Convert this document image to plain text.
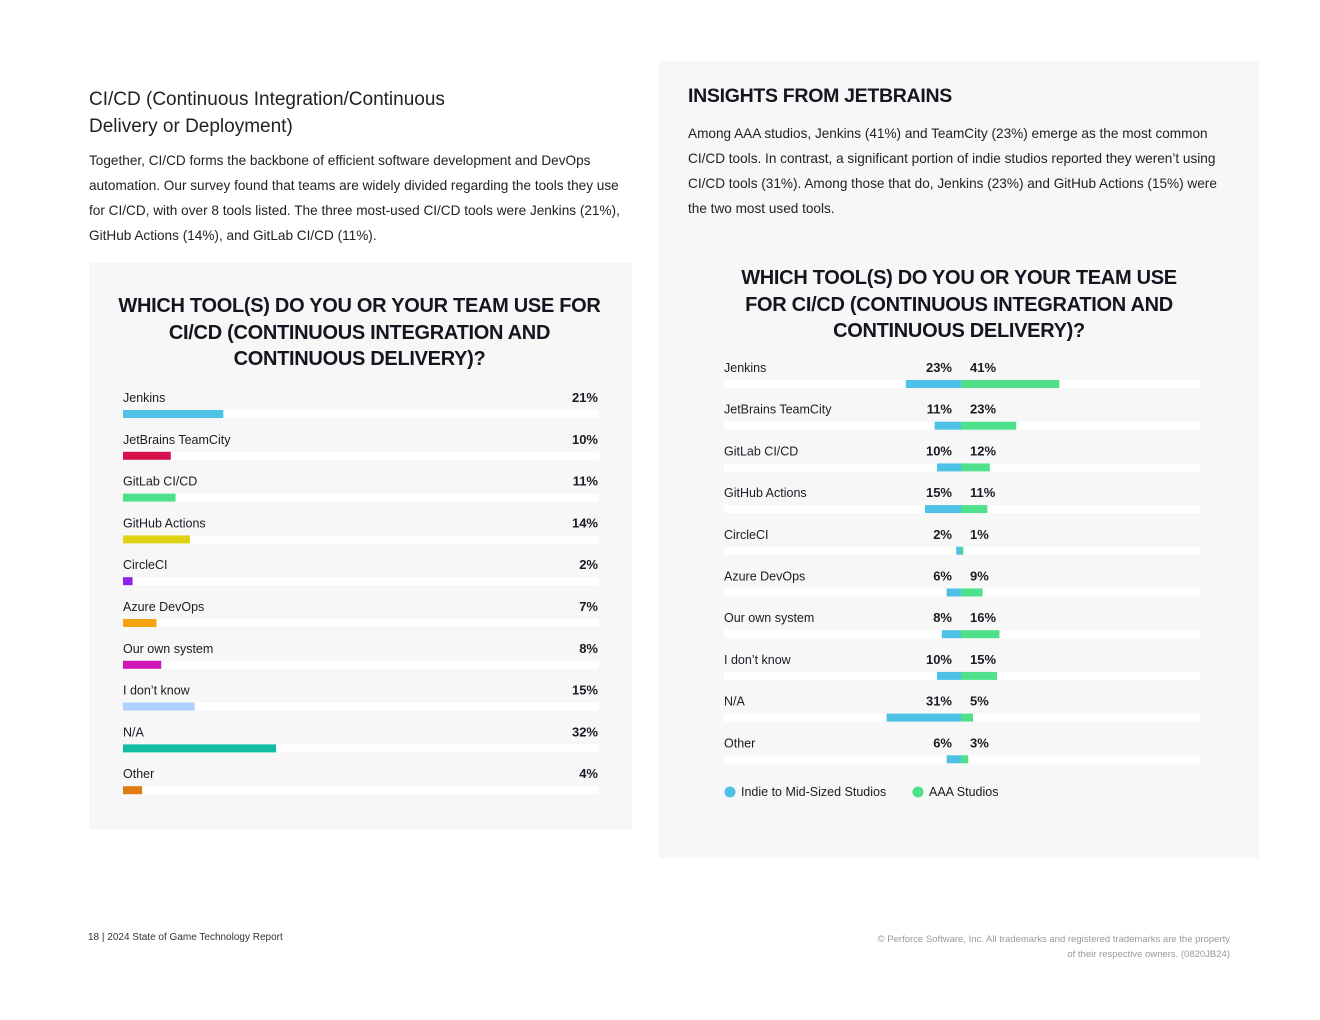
CI/CD (Continuous Integration/Continuous Delivery or Deployment)
Together, CI/CD forms the backbone of efficient software development and DevOps automation. Our survey found that teams are widely divided regarding the tools they use for CI/CD, with over 8 tools listed. The three most-used CI/CD tools were Jenkins (21%), GitHub Actions (14%), and GitLab CI/CD (11%).
WHICH TOOL(S) DO YOU OR YOUR TEAM USE FOR CI/CD (CONTINUOUS INTEGRATION AND CONTINUOUS DELIVERY)?
Jenkins	21%
JetBrains TeamCity	10%
GitLab CI/CD	11%
GitHub Actions	14%
CircleCI	2%
Azure DevOps	7%
Our own system	8%
I don’t know	15%
N/A	32%
Other	4%
INSIGHTS FROM JETBRAINS
Among AAA studios, Jenkins (41%) and TeamCity (23%) emerge as the most common CI/CD tools. In contrast, a significant portion of indie studios reported they weren’t using CI/CD tools (31%). Among those that do, Jenkins (23%) and GitHub Actions (15%) were the two most used tools.
WHICH TOOL(S) DO YOU OR YOUR TEAM USE FOR CI/CD (CONTINUOUS INTEGRATION AND CONTINUOUS DELIVERY)?
Jenkins	23% 41%
JetBrains TeamCity	11% 23%
GitLab CI/CD	10% 12%
GitHub Actions	15% 11%
CircleCI	2% 1%
Azure DevOps	6% 9%
Our own system	8% 16%
I don’t know	10% 15%
N/A	31% 5%
Other	6% 3%
Indie to Mid-Sized Studios	AAA Studios
18 | 2024 State of Game Technology Report	© Perforce Software, Inc. All trademarks and registered trademarks are the property of their respective owners. (0820JB24)
